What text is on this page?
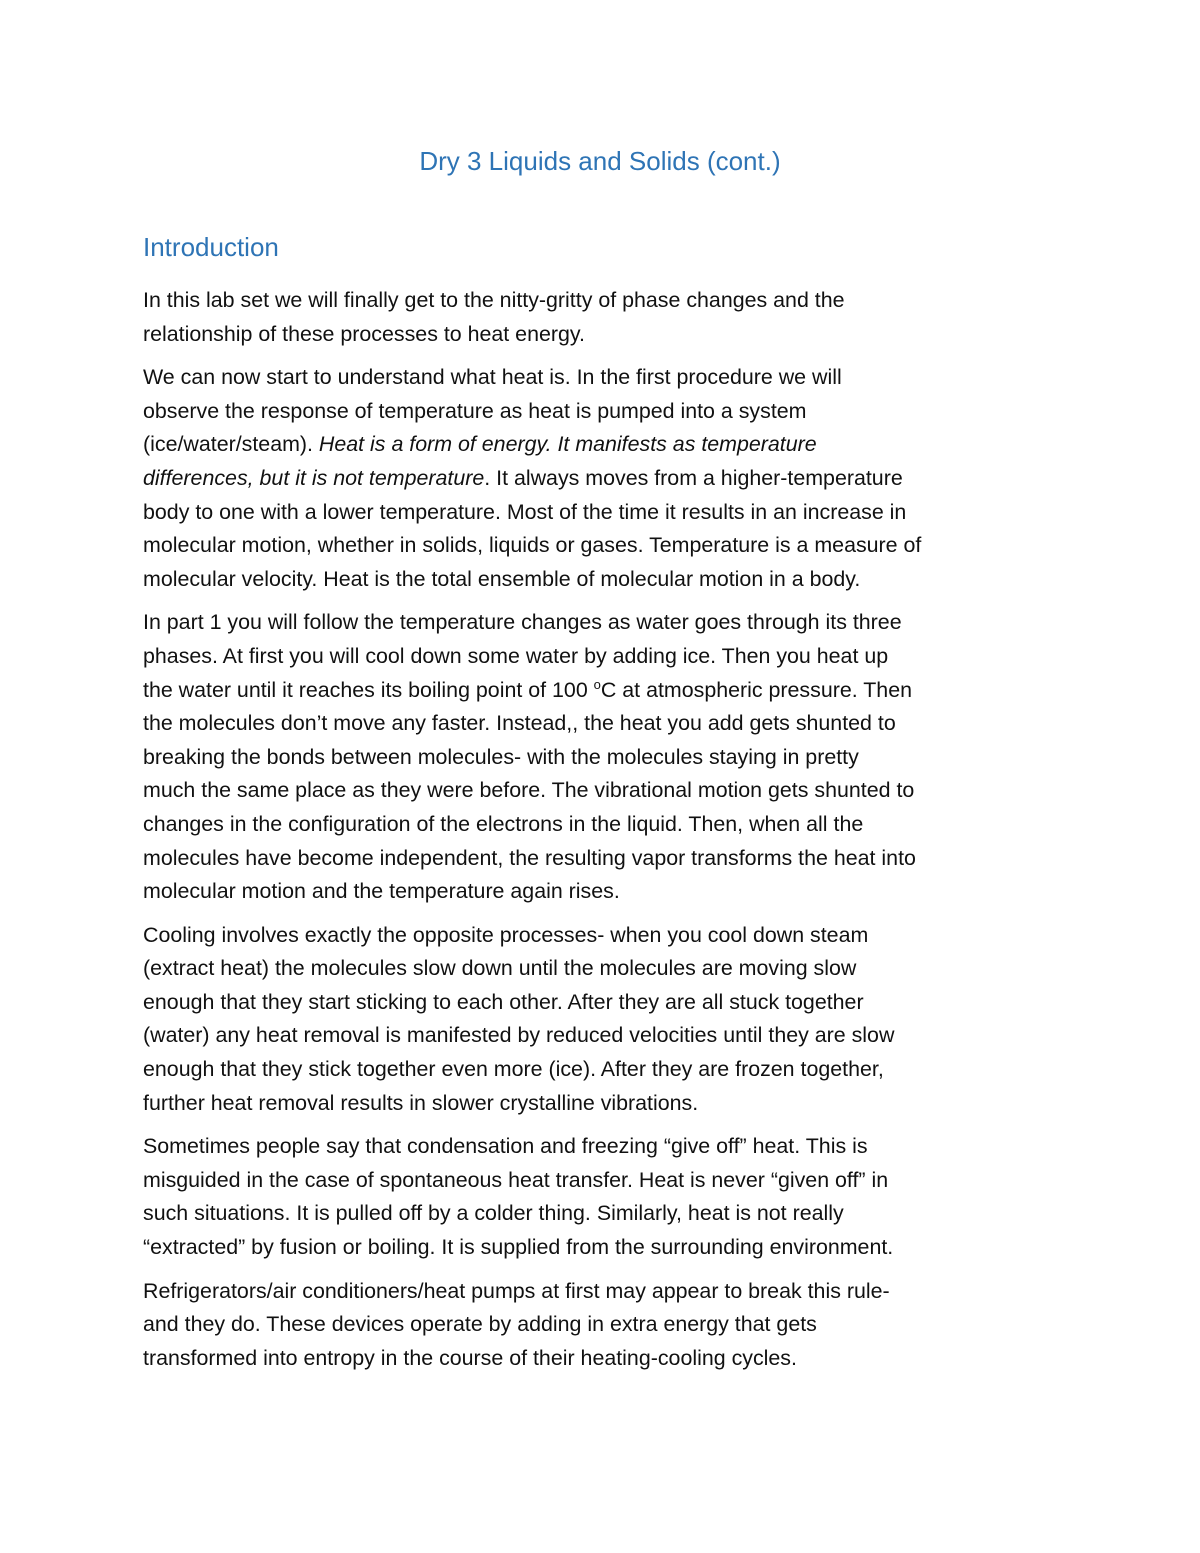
Dry 3 Liquids and Solids (cont.)
Introduction

In this lab set we will finally get to the nitty-gritty of phase changes and the
relationship of these processes to heat energy.

We can now start to understand what heat is. In the first procedure we will
observe the response of temperature as heat is pumped into a system
(ice/water/steam). Heat is a form of energy. It manifests as temperature
differences, but it is not temperature. It always moves from a higher-temperature
body to one with a lower temperature. Most of the time it results in an increase in
molecular motion, whether in solids, liquids or gases. Temperature is a measure of
molecular velocity. Heat is the total ensemble of molecular motion in a body.

In part 1 you will follow the temperature changes as water goes through its three
phases. At first you will cool down some water by adding ice. Then you heat up
the water until it reaches its boiling point of 100 $^o$C at atmospheric pressure. Then
the molecules don’t move any faster. Instead,, the heat you add gets shunted to
breaking the bonds between molecules- with the molecules staying in pretty
much the same place as they were before. The vibrational motion gets shunted to
changes in the configuration of the electrons in the liquid. Then, when all the
molecules have become independent, the resulting vapor transforms the heat into
molecular motion and the temperature again rises.

Cooling involves exactly the opposite processes- when you cool down steam
(extract heat) the molecules slow down until the molecules are moving slow
enough that they start sticking to each other. After they are all stuck together
(water) any heat removal is manifested by reduced velocities until they are slow
enough that they stick together even more (ice). After they are frozen together,
further heat removal results in slower crystalline vibrations.

Sometimes people say that condensation and freezing “give off” heat. This is
misguided in the case of spontaneous heat transfer. Heat is never “given off” in
such situations. It is pulled off by a colder thing. Similarly, heat is not really
“extracted” by fusion or boiling. It is supplied from the surrounding environment.

Refrigerators/air conditioners/heat pumps at first may appear to break this rule-
and they do. These devices operate by adding in extra energy that gets
transformed into entropy in the course of their heating-cooling cycles.
